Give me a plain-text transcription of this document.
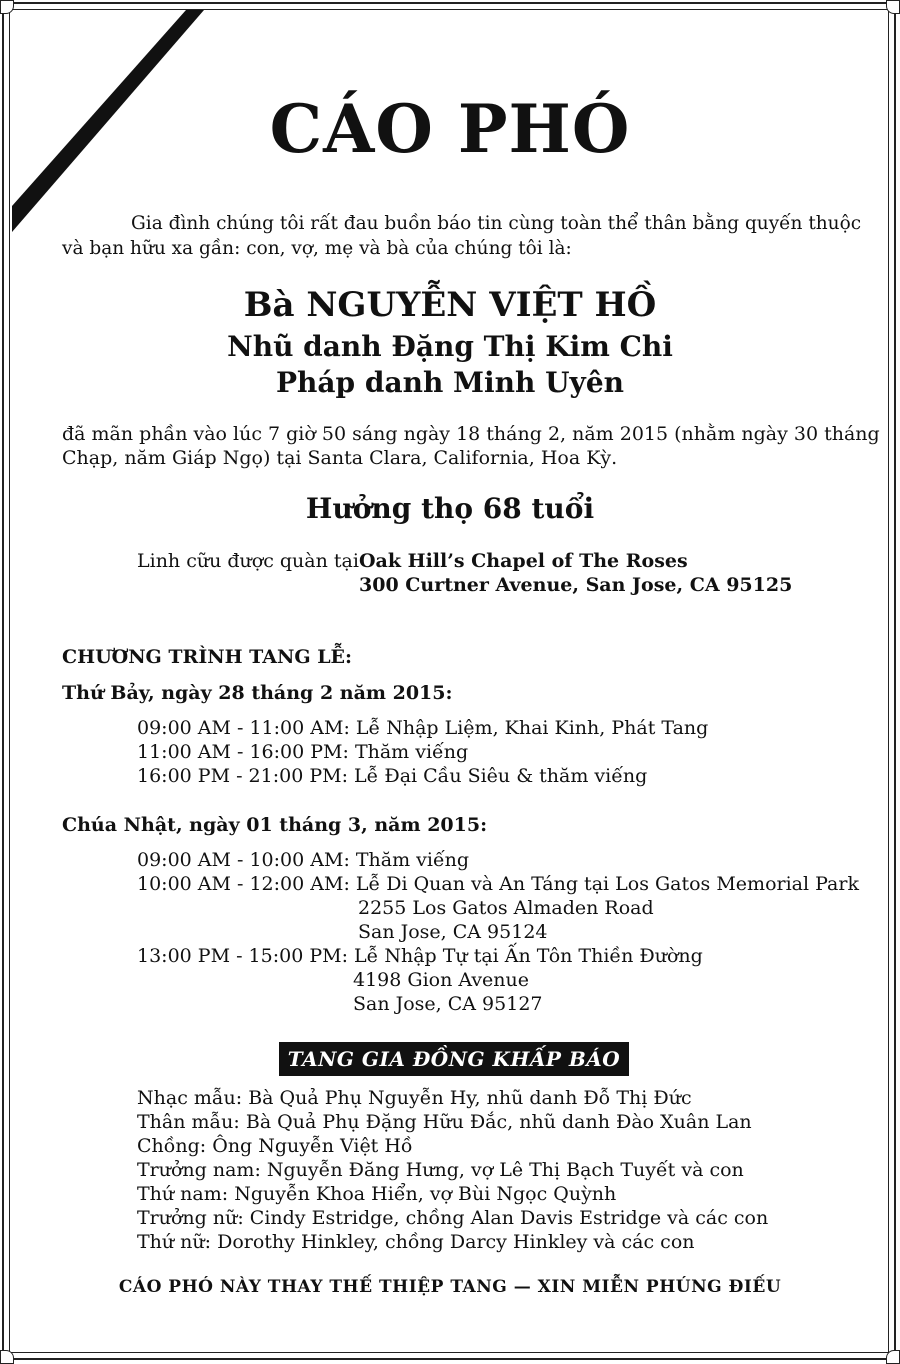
CÁO PHÓ
Gia đình chúng tôi rất đau buồn báo tin cùng toàn thể thân bằng quyến thuộc
và bạn hữu xa gần: con, vợ, mẹ và bà của chúng tôi là:
Bà NGUYỄN VIỆT HỒ
Nhũ danh Đặng Thị Kim Chi
Pháp danh Minh Uyên
đã mãn phần vào lúc 7 giờ 50 sáng ngày 18 tháng 2, năm 2015 (nhằm ngày 30 tháng
Chạp, năm Giáp Ngọ) tại Santa Clara, California, Hoa Kỳ.
Hưởng thọ 68 tuổi
Linh cữu được quàn tại Oak Hill’s Chapel of The Roses
300 Curtner Avenue, San Jose, CA 95125
CHƯƠNG TRÌNH TANG LỄ:
Thứ Bảy, ngày 28 tháng 2 năm 2015:
09:00 AM - 11:00 AM: Lễ Nhập Liệm, Khai Kinh, Phát Tang
11:00 AM - 16:00 PM: Thăm viếng
16:00 PM - 21:00 PM: Lễ Đại Cầu Siêu & thăm viếng
Chúa Nhật, ngày 01 tháng 3, năm 2015:
09:00 AM - 10:00 AM: Thăm viếng
10:00 AM - 12:00 AM: Lễ Di Quan và An Táng tại Los Gatos Memorial Park
2255 Los Gatos Almaden Road
San Jose, CA 95124
13:00 PM - 15:00 PM: Lễ Nhập Tự tại Ấn Tôn Thiền Đường
4198 Gion Avenue
San Jose, CA 95127
TANG GIA ĐỒNG KHẤP BÁO
Nhạc mẫu: Bà Quả Phụ Nguyễn Hy, nhũ danh Đỗ Thị Đức
Thân mẫu: Bà Quả Phụ Đặng Hữu Đắc, nhũ danh Đào Xuân Lan
Chồng: Ông Nguyễn Việt Hồ
Trưởng nam: Nguyễn Đăng Hưng, vợ Lê Thị Bạch Tuyết và con
Thứ nam: Nguyễn Khoa Hiển, vợ Bùi Ngọc Quỳnh
Trưởng nữ: Cindy Estridge, chồng Alan Davis Estridge và các con
Thứ nữ: Dorothy Hinkley, chồng Darcy Hinkley và các con
CÁO PHÓ NÀY THAY THẾ THIỆP TANG — XIN MIỄN PHÚNG ĐIẾU
